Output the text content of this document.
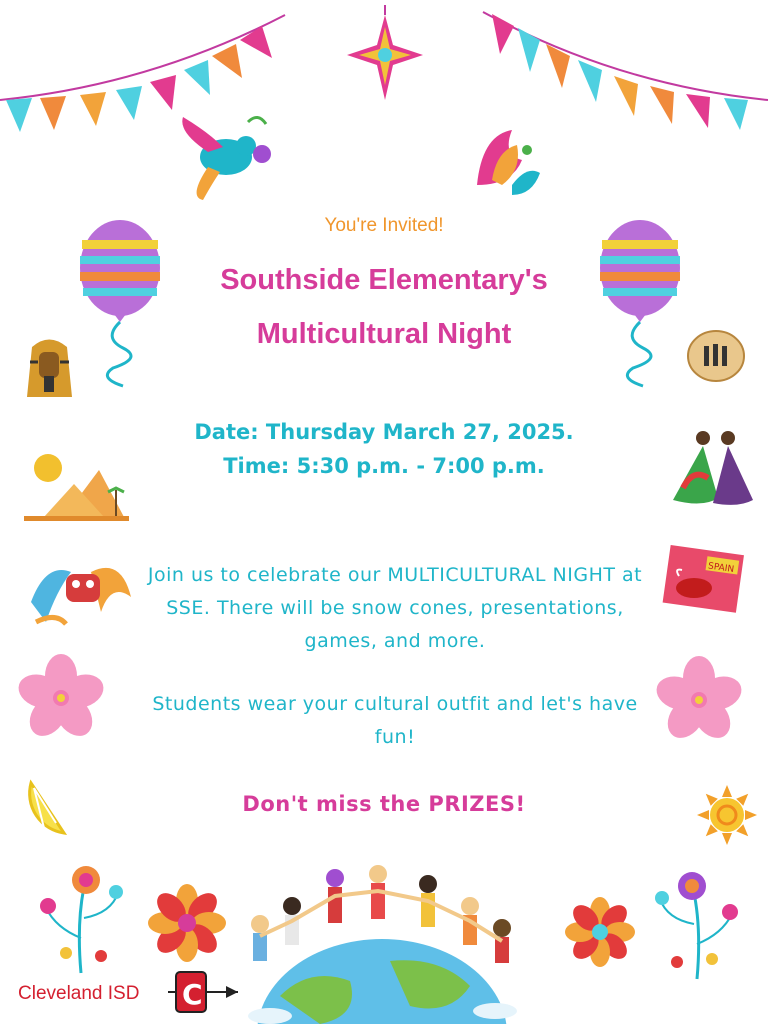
SPAIN
You're Invited!
Southside Elementary's
Multicultural Night
Date: Thursday March 27, 2025.
Time: 5:30 p.m. - 7:00 p.m.
Join us to celebrate our MULTICULTURAL NIGHT at SSE. There will be snow cones, presentations, games, and more.
Students wear your cultural outfit and let's have fun!
Don't miss the PRIZES!
Cleveland ISD C
